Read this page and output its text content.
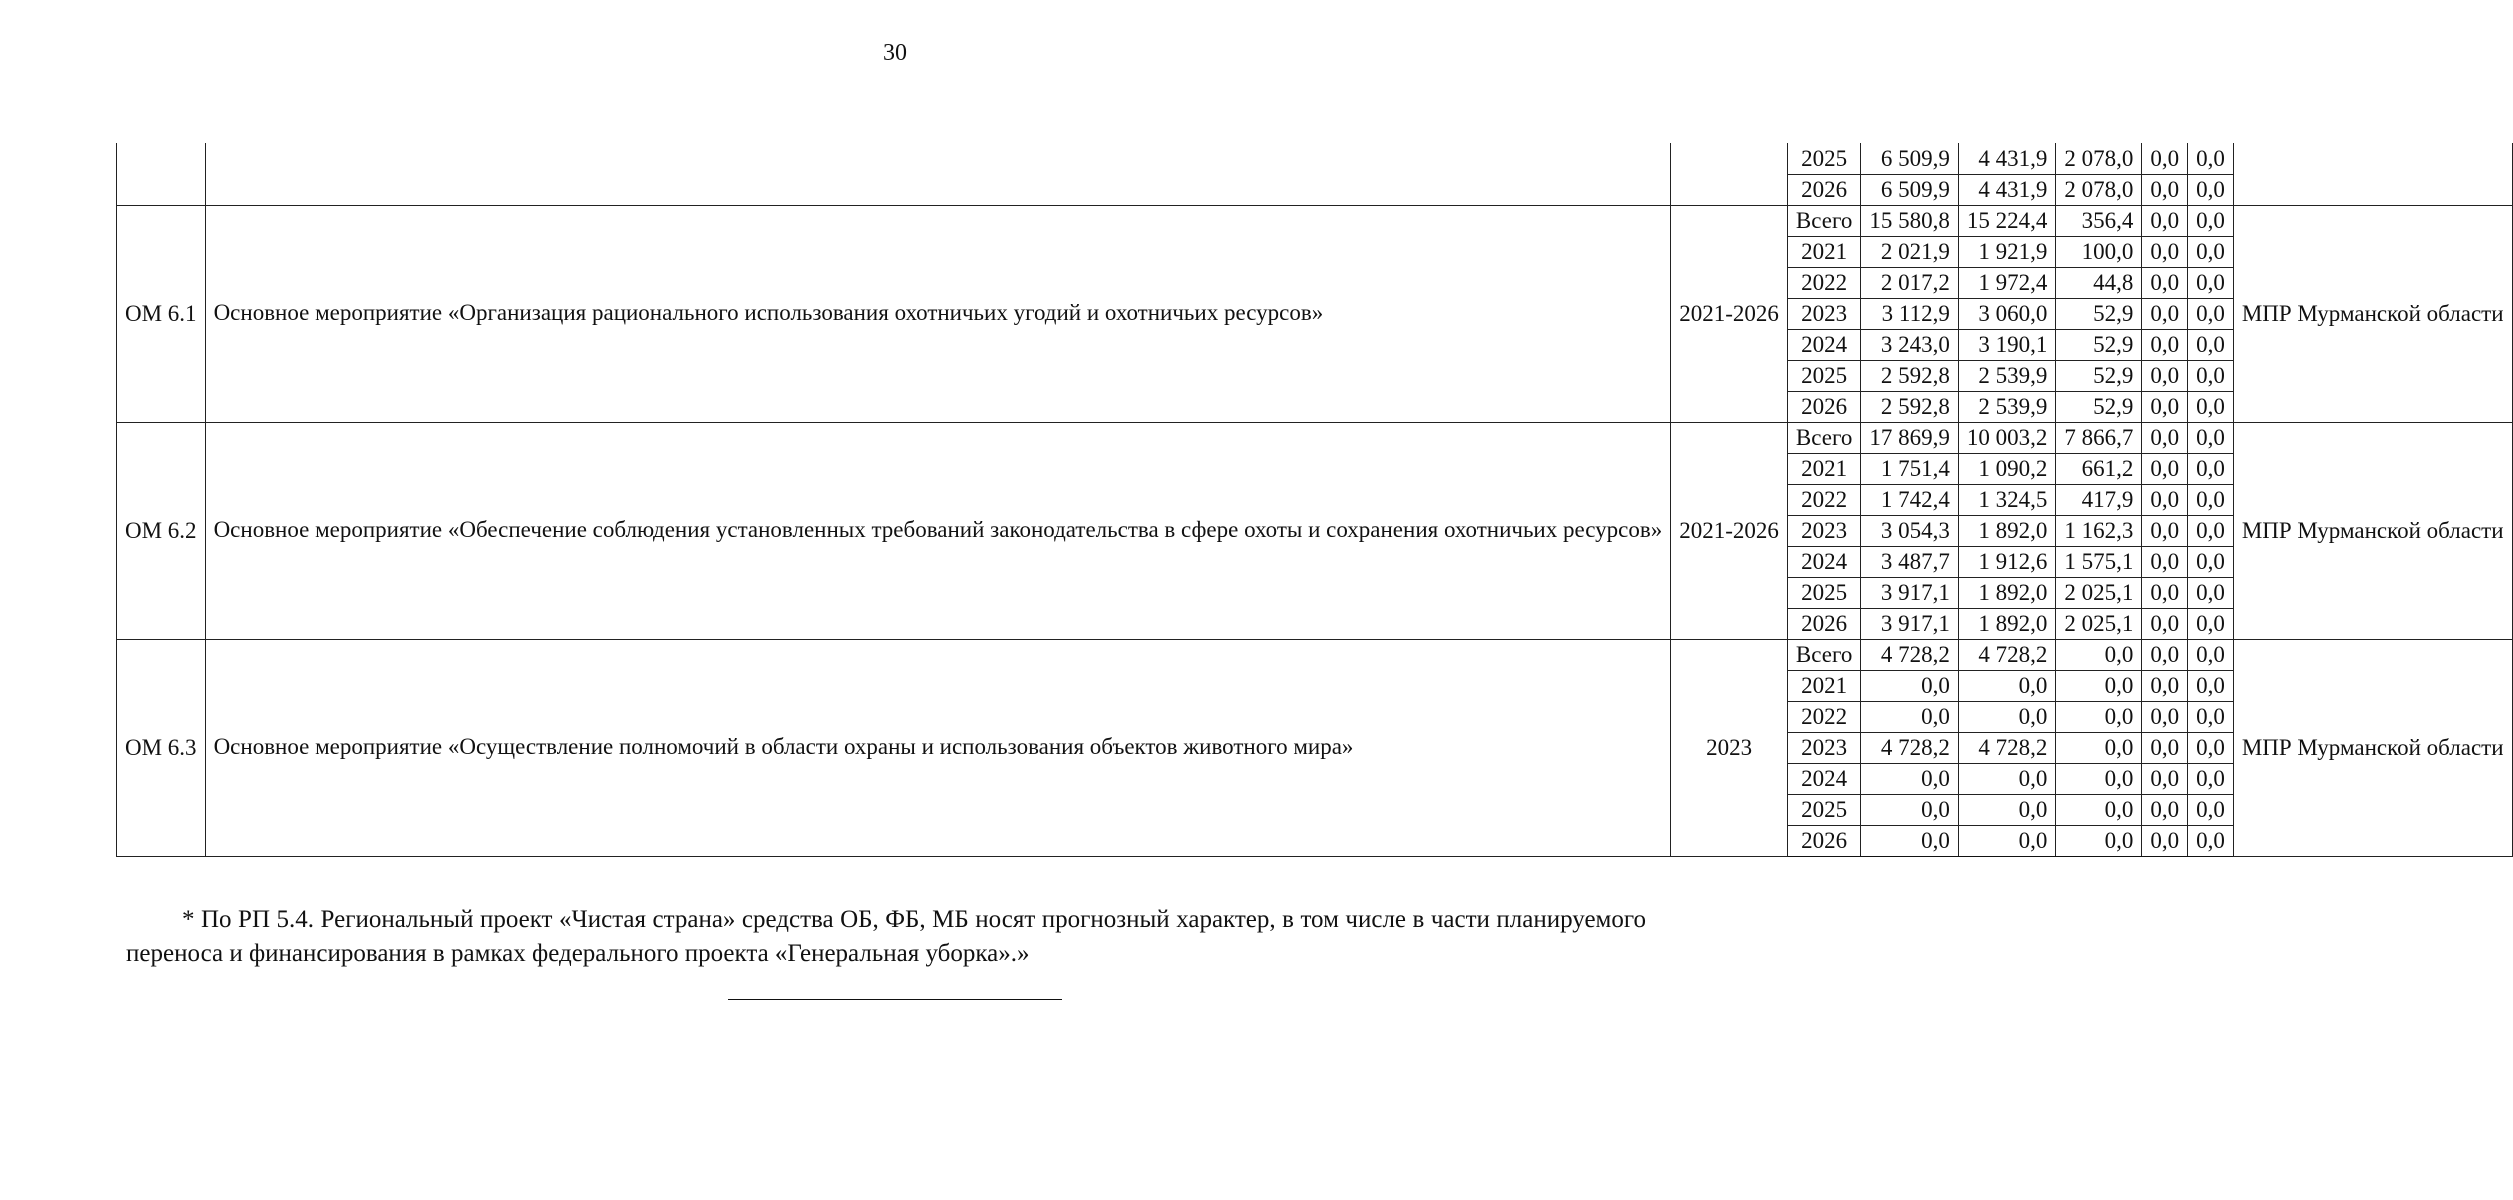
30
			2025	6 509,9	4 431,9	2 078,0	0,0	0,0	
			2026	6 509,9	4 431,9	2 078,0	0,0	0,0	
ОМ 6.1	Основное мероприятие «Организация рационального использования охотничьих угодий и охотничьих ресурсов»	2021-2026	Всего	15 580,8	15 224,4	356,4	0,0	0,0	МПР Мурманской области
			2021	2 021,9	1 921,9	100,0	0,0	0,0	
			2022	2 017,2	1 972,4	44,8	0,0	0,0	
			2023	3 112,9	3 060,0	52,9	0,0	0,0	
			2024	3 243,0	3 190,1	52,9	0,0	0,0	
			2025	2 592,8	2 539,9	52,9	0,0	0,0	
			2026	2 592,8	2 539,9	52,9	0,0	0,0	
ОМ 6.2	Основное мероприятие «Обеспечение соблюдения установленных требований законодательства в сфере охоты и сохранения охотничьих ресурсов»	2021-2026	Всего	17 869,9	10 003,2	7 866,7	0,0	0,0	МПР Мурманской области
			2021	1 751,4	1 090,2	661,2	0,0	0,0	
			2022	1 742,4	1 324,5	417,9	0,0	0,0	
			2023	3 054,3	1 892,0	1 162,3	0,0	0,0	
			2024	3 487,7	1 912,6	1 575,1	0,0	0,0	
			2025	3 917,1	1 892,0	2 025,1	0,0	0,0	
			2026	3 917,1	1 892,0	2 025,1	0,0	0,0	
ОМ 6.3	Основное мероприятие «Осуществление полномочий в области охраны и использования объектов животного мира»	2023	Всего	4 728,2	4 728,2	0,0	0,0	0,0	МПР Мурманской области
			2021	0,0	0,0	0,0	0,0	0,0	
			2022	0,0	0,0	0,0	0,0	0,0	
			2023	4 728,2	4 728,2	0,0	0,0	0,0	
			2024	0,0	0,0	0,0	0,0	0,0	
			2025	0,0	0,0	0,0	0,0	0,0	
			2026	0,0	0,0	0,0	0,0	0,0	
* По РП 5.4. Региональный проект «Чистая страна» средства ОБ, ФБ, МБ носят прогнозный характер, в том числе в части планируемого переноса и финансирования в рамках федерального проекта «Генеральная уборка».»
